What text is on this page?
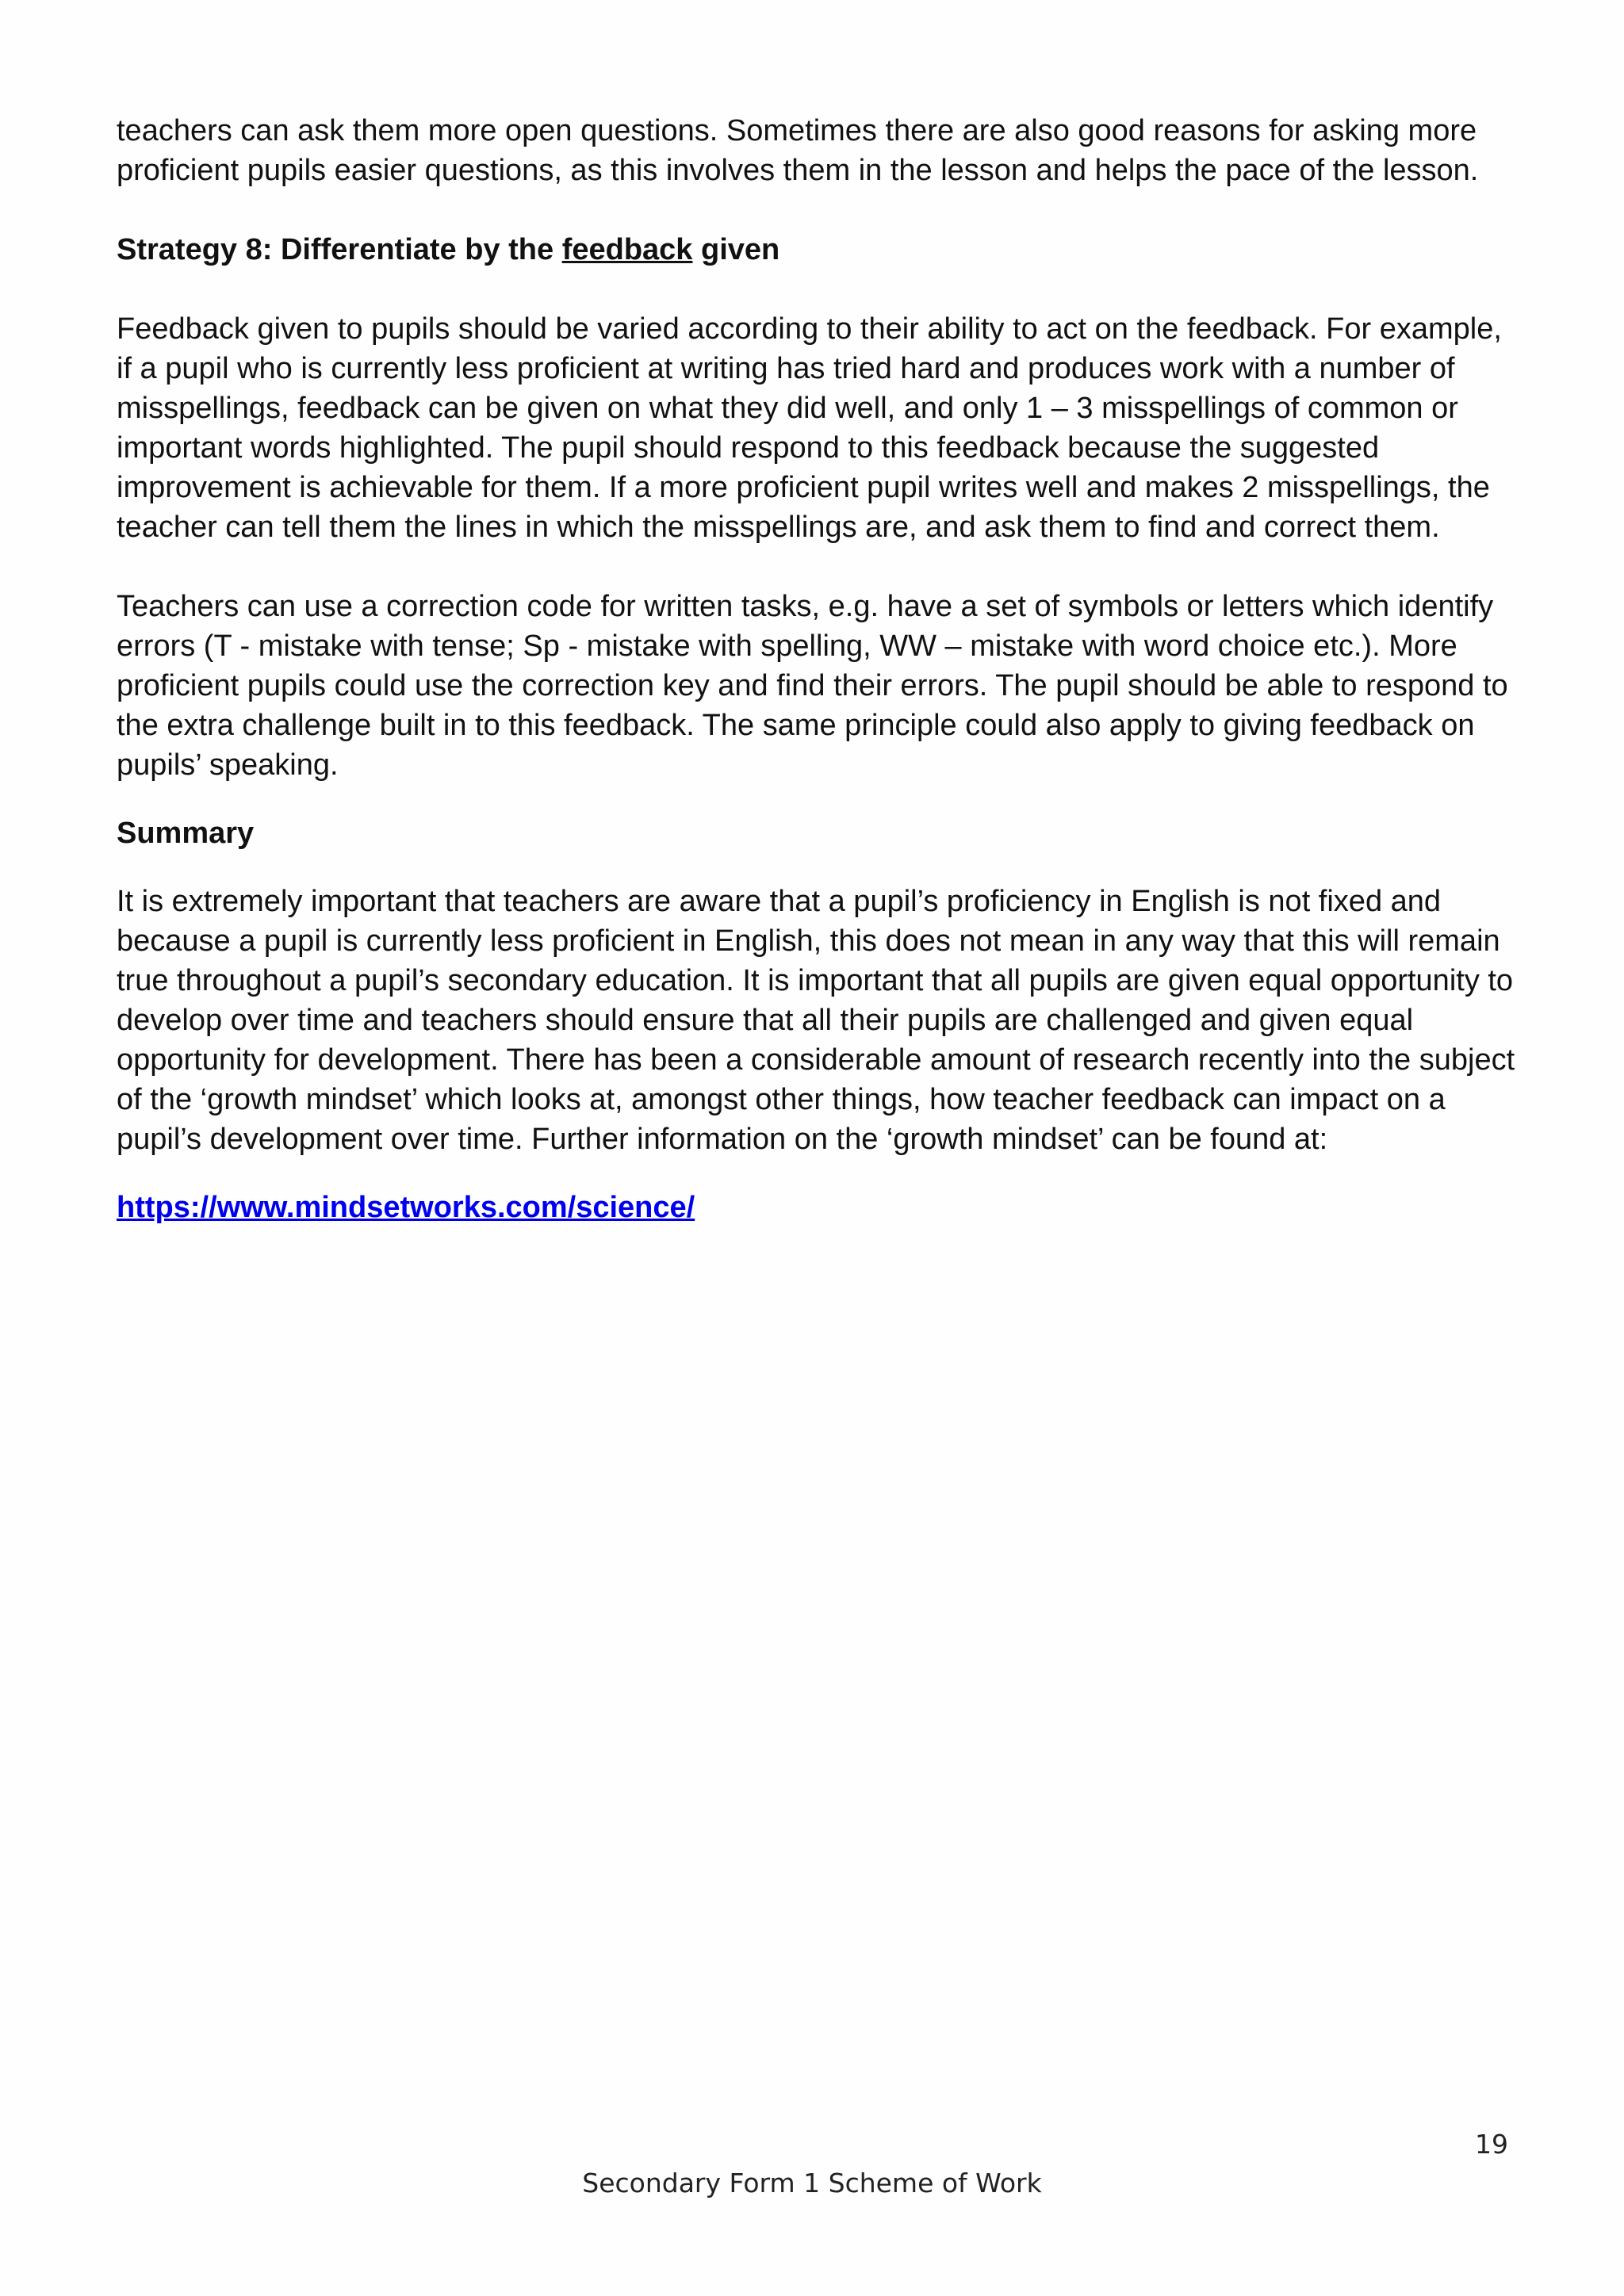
teachers can ask them more open questions. Sometimes there are also good reasons for asking more proficient pupils easier questions, as this involves them in the lesson and helps the pace of the lesson.

Strategy 8: Differentiate by the feedback given

Feedback given to pupils should be varied according to their ability to act on the feedback. For example, if a pupil who is currently less proficient at writing has tried hard and produces work with a number of misspellings, feedback can be given on what they did well, and only 1 – 3 misspellings of common or important words highlighted. The pupil should respond to this feedback because the suggested improvement is achievable for them. If a more proficient pupil writes well and makes 2 misspellings, the teacher can tell them the lines in which the misspellings are, and ask them to find and correct them.

Teachers can use a correction code for written tasks, e.g. have a set of symbols or letters which identify errors (T - mistake with tense; Sp - mistake with spelling, WW – mistake with word choice etc.). More proficient pupils could use the correction key and find their errors. The pupil should be able to respond to the extra challenge built in to this feedback. The same principle could also apply to giving feedback on pupils’ speaking.

Summary

It is extremely important that teachers are aware that a pupil’s proficiency in English is not fixed and because a pupil is currently less proficient in English, this does not mean in any way that this will remain true throughout a pupil’s secondary education. It is important that all pupils are given equal opportunity to develop over time and teachers should ensure that all their pupils are challenged and given equal opportunity for development. There has been a considerable amount of research recently into the subject of the ‘growth mindset’ which looks at, amongst other things, how teacher feedback can impact on a pupil’s development over time. Further information on the ‘growth mindset’ can be found at:

https://www.mindsetworks.com/science/

19
Secondary Form 1 Scheme of Work
